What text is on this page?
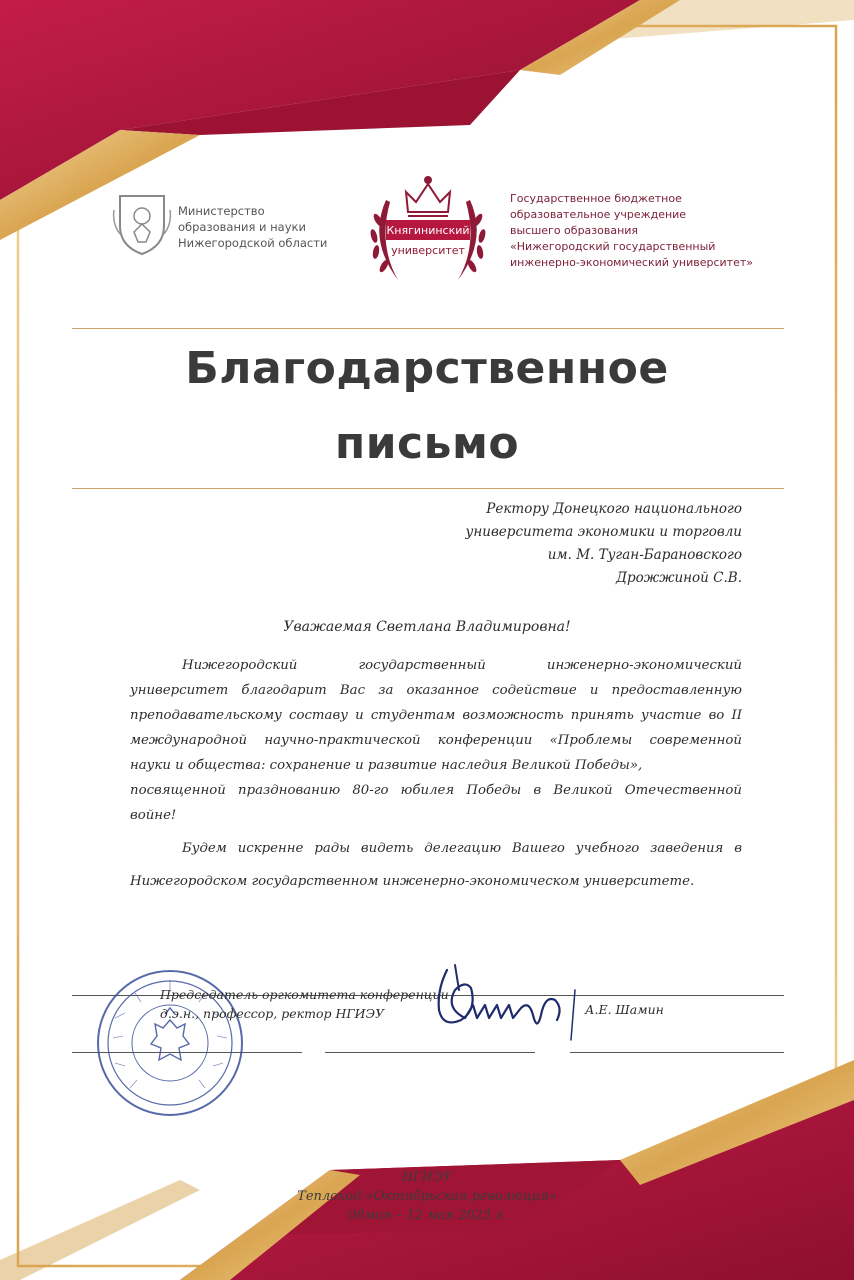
Министерство
образования и науки
Нижегородской области
Княгининский
университет
Государственное бюджетное
образовательное учреждение
высшего образования
«Нижегородский государственный
инженерно-экономический университет»
Благодарственное
письмо
Ректору Донецкого национального
университета экономики и торговли
им. М. Туган-Барановского
Дрожжиной С.В.
Уважаемая Светлана Владимировна!
Нижегородский государственный инженерно-экономический
университет благодарит Вас за оказанное содействие и предоставленную
преподавательскому составу и студентам возможность принять участие во II
международной научно-практической конференции «Проблемы современной
науки и общества: сохранение и развитие наследия Великой Победы»,
посвященной празднованию 80-го юбилея Победы в Великой Отечественной
войне!
Будем искренне рады видеть делегацию Вашего учебного заведения в
Нижегородском государственном инженерно-экономическом университете.
Председатель оргкомитета конференции
д.э.н., профессор, ректор НГИЭУ	А.Е. Шамин
НГИЭУ
Теплоход «Октябрьская революция»
08мая – 12 мая 2025 г.
